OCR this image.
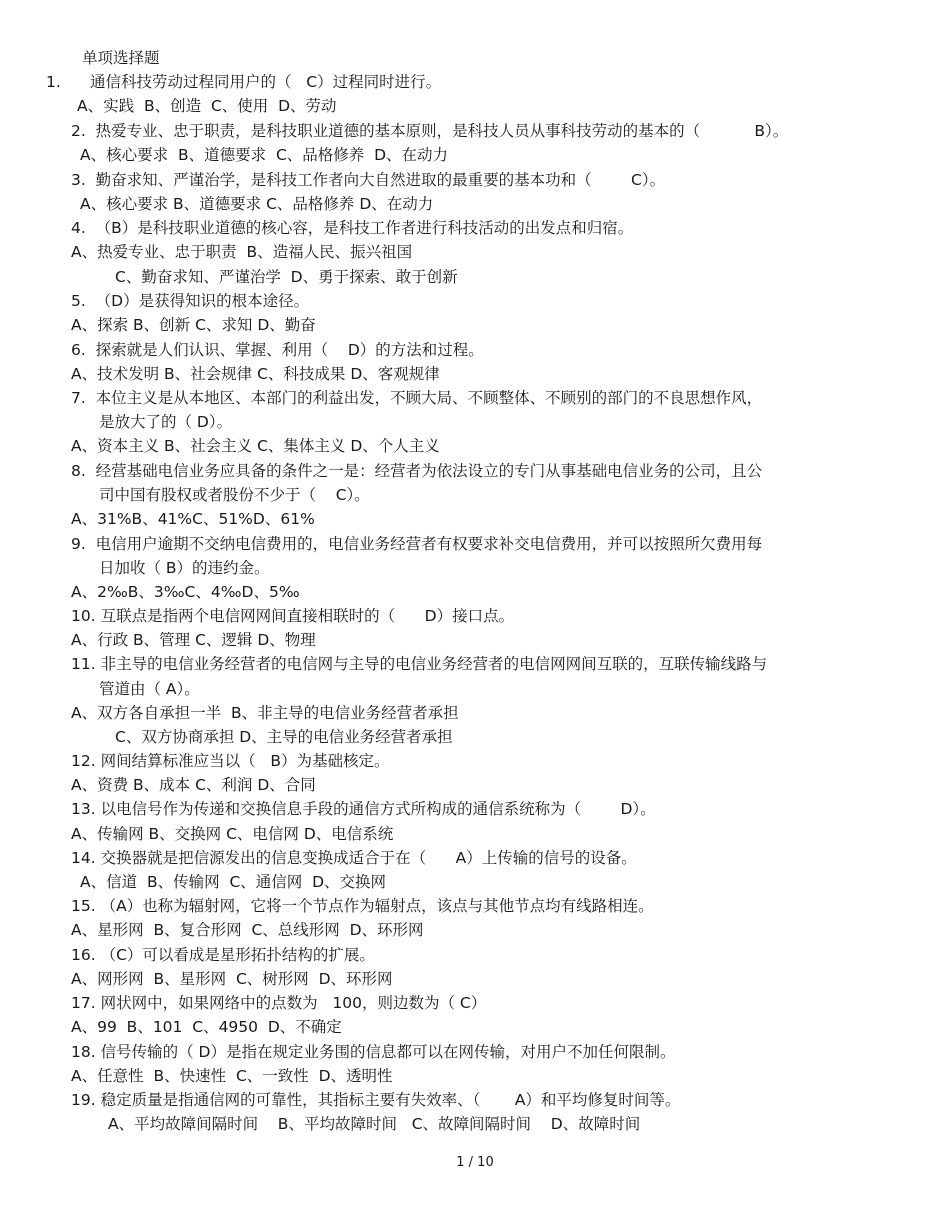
单项选择题
1. 通信科技劳动过程同用户的（   C）过程同时进行。
A、实践  B、创造  C、使用  D、劳动
2.  热爱专业、忠于职责，是科技职业道德的基本原则，是科技人员从事科技劳动的基本的（           B）。
A、核心要求  B、道德要求  C、品格修养  D、在动力
3.  勤奋求知、严谨治学，是科技工作者向大自然进取的最重要的基本功和（        C）。
A、核心要求 B、道德要求 C、品格修养 D、在动力
4.  （B）是科技职业道德的核心容，是科技工作者进行科技活动的出发点和归宿。
A、热爱专业、忠于职责  B、造福人民、振兴祖国
C、勤奋求知、严谨治学  D、勇于探索、敢于创新
5.  （D）是获得知识的根本途径。
A、探索 B、创新 C、求知 D、勤奋
6.  探索就是人们认识、掌握、利用（    D）的方法和过程。
A、技术发明 B、社会规律 C、科技成果 D、客观规律
7.  本位主义是从本地区、本部门的利益出发，不顾大局、不顾整体、不顾别的部门的不良思想作风，
是放大了的（ D）。
A、资本主义 B、社会主义 C、集体主义 D、个人主义
8.  经营基础电信业务应具备的条件之一是：经营者为依法设立的专门从事基础电信业务的公司，且公
司中国有股权或者股份不少于（    C）。
A、31%B、41%C、51%D、61%
9.  电信用户逾期不交纳电信费用的，电信业务经营者有权要求补交电信费用，并可以按照所欠费用每
日加收（ B）的违约金。
A、2‰B、3‰C、4‰D、5‰
10. 互联点是指两个电信网网间直接相联时的（      D）接口点。
A、行政 B、管理 C、逻辑 D、物理
11. 非主导的电信业务经营者的电信网与主导的电信业务经营者的电信网网间互联的，互联传输线路与
管道由（ A）。
A、双方各自承担一半  B、非主导的电信业务经营者承担
C、双方协商承担 D、主导的电信业务经营者承担
12. 网间结算标准应当以（   B）为基础核定。
A、资费 B、成本 C、利润 D、合同
13. 以电信号作为传递和交换信息手段的通信方式所构成的通信系统称为（        D）。
A、传输网 B、交换网 C、电信网 D、电信系统
14. 交换器就是把信源发出的信息变换成适合于在（      A）上传输的信号的设备。
A、信道  B、传输网  C、通信网  D、交换网
15. （A）也称为辐射网，它将一个节点作为辐射点，该点与其他节点均有线路相连。
A、星形网  B、复合形网  C、总线形网  D、环形网
16. （C）可以看成是星形拓扑结构的扩展。
A、网形网  B、星形网  C、树形网  D、环形网
17. 网状网中，如果网络中的点数为   100，则边数为（ C）
A、99  B、101  C、4950  D、不确定
18. 信号传输的（ D）是指在规定业务围的信息都可以在网传输，对用户不加任何限制。
A、任意性  B、快速性  C、一致性  D、透明性
19. 稳定质量是指通信网的可靠性，其指标主要有失效率、（       A）和平均修复时间等。
A、平均故障间隔时间    B、平均故障时间   C、故障间隔时间    D、故障时间
1 / 10
